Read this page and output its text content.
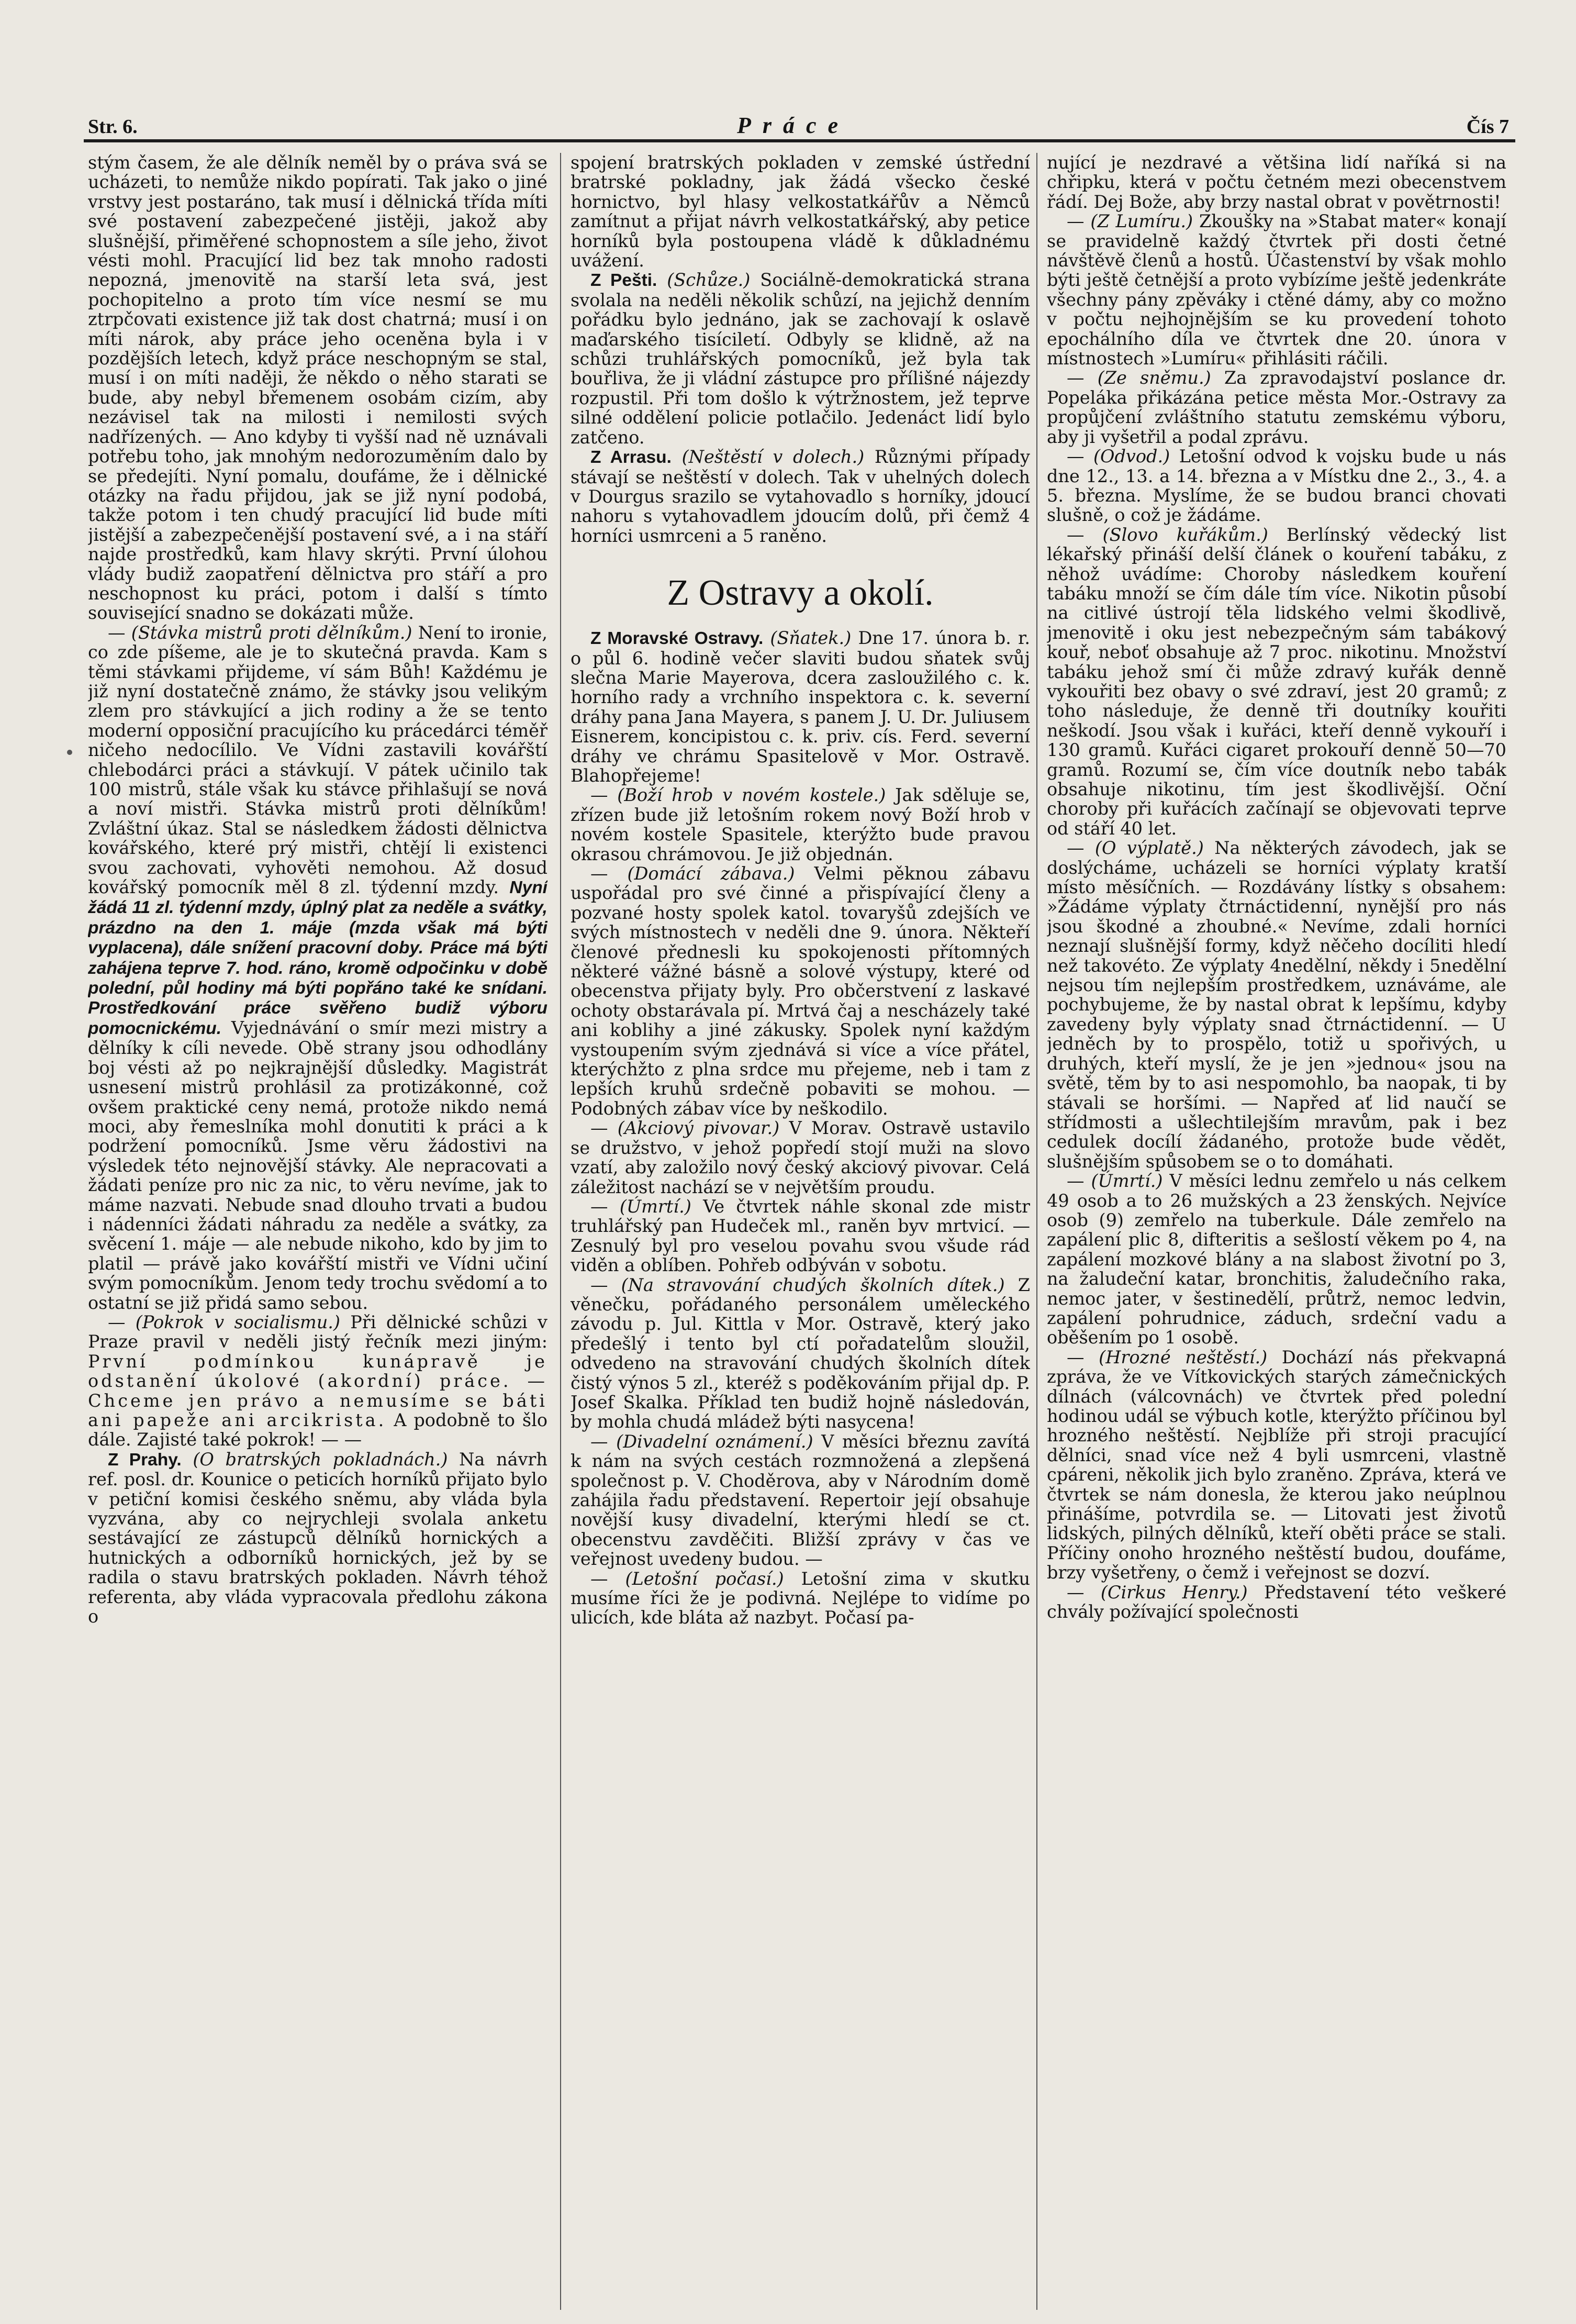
Str. 6.	Práce	Čís 7

stým časem, že ale dělník neměl by o práva svá se ucházeti, to nemůže nikdo popírati. Tak jako o jiné vrstvy jest postaráno, tak musí i dělnická třída míti své postavení zabezpečené jistěji, jakož aby slušnější, přiměřené schopnostem a síle jeho, život vésti mohl. Pracující lid bez tak mnoho radosti nepozná, jmenovitě na starší leta svá, jest pochopitelno a proto tím více nesmí se mu ztrpčovati existence již tak dost chatrná; musí i on míti nárok, aby práce jeho oceněna byla i v pozdějších letech, když práce neschopným se stal, musí i on míti naději, že někdo o něho starati se bude, aby nebyl břemenem osobám cizím, aby nezávisel tak na milosti i nemilosti svých nadřízených. — Ano kdyby ti vyšší nad ně uznávali potřebu toho, jak mnohým nedorozuměním dalo by se předejíti. Nyní pomalu, doufáme, že i dělnické otázky na řadu přijdou, jak se již nyní podobá, takže potom i ten chudý pracující lid bude míti jistější a zabezpečenější postavení své, a i na stáří najde prostředků, kam hlavy skrýti. První úlohou vlády budiž zaopatření dělnictva pro stáří a pro neschopnost ku práci, potom i další s tímto související snadno se dokázati může.

— (Stávka mistrů proti dělníkům.) Není to ironie, co zde píšeme, ale je to skutečná pravda. Kam s těmi stávkami přijdeme, ví sám Bůh! Každému je již nyní dostatečně známo, že stávky jsou velikým zlem pro stávkující a jich rodiny a že se tento moderní opposiční pracujícího ku prácedárci téměř ničeho nedocílilo. Ve Vídni zastavili kovářští chlebodárci práci a stávkují. V pátek učinilo tak 100 mistrů, stále však ku stávce přihlašují se nová a noví mistři. Stávka mistrů proti dělníkům! Zvláštní úkaz. Stal se následkem žádosti dělnictva kovářského, které prý mistři, chtějí li existenci svou zachovati, vyhověti nemohou. Až dosud kovářský pomocník měl 8 zl. týdenní mzdy. Nyní žádá 11 zl. týdenní mzdy, úplný plat za neděle a svátky, prázdno na den 1. máje (mzda však má býti vyplacena), dále snížení pracovní doby. Práce má býti zahájena teprve 7. hod. ráno, kromě odpočinku v době polední, půl hodiny má býti popřáno také ke snídani. Prostředkování práce svěřeno budiž výboru pomocnickému. Vyjednávání o smír mezi mistry a dělníky k cíli nevede. Obě strany jsou odhodlány boj vésti až po nejkrajnější důsledky. Magistrát usnesení mistrů prohlásil za protizákonné, což ovšem praktické ceny nemá, protože nikdo nemá moci, aby řemeslníka mohl donutiti k práci a k podržení pomocníků. Jsme věru žádostivi na výsledek této nejnovější stávky. Ale nepracovati a žádati peníze pro nic za nic, to věru nevíme, jak to máme nazvati. Nebude snad dlouho trvati a budou i nádenníci žádati náhradu za neděle a svátky, za svěcení 1. máje — ale nebude nikoho, kdo by jim to platil — právě jako kovářští mistři ve Vídni učiní svým pomocníkům. Jenom tedy trochu svědomí a to ostatní se již přidá samo sebou.

— (Pokrok v socialismu.) Při dělnické schůzi v Praze pravil v neděli jistý řečník mezi jiným: První podmínkou kunápravě je odstanění úkolové (akordní) práce. — Chceme jen právo a nemusíme se báti ani papeže ani arcikrista. A podobně to šlo dále. Zajisté také pokrok! — —

Z Prahy. (O bratrských pokladnách.) Na návrh ref. posl. dr. Kounice o peticích horníků přijato bylo v petiční komisi českého sněmu, aby vláda byla vyzvána, aby co nejrychleji svolala anketu sestávající ze zástupců dělníků hornických a hutnických a odborníků hornických, jež by se radila o stavu bratrských pokladen. Návrh téhož referenta, aby vláda vypracovala předlohu zákona o

spojení bratrských pokladen v zemské ústřední bratrské pokladny, jak žádá všecko české hornictvo, byl hlasy velkostatkářův a Němců zamítnut a přijat návrh velkostatkářský, aby petice horníků byla postoupena vládě k důkladnému uvážení.

Z Pešti. (Schůze.) Sociálně-demokratická strana svolala na neděli několik schůzí, na jejichž denním pořádku bylo jednáno, jak se zachovají k oslavě maďarského tisíciletí. Odbyly se klidně, až na schůzi truhlářských pomocníků, jež byla tak bouřliva, že ji vládní zástupce pro přílišné nájezdy rozpustil. Při tom došlo k výtržnostem, jež teprve silné oddělení policie potlačilo. Jedenáct lidí bylo zatčeno.

Z Arrasu. (Neštěstí v dolech.) Různými případy stávají se neštěstí v dolech. Tak v uhelných dolech v Dourgus srazilo se vytahovadlo s horníky, jdoucí nahoru s vytahovadlem jdoucím dolů, při čemž 4 horníci usmrceni a 5 raněno.

Z Ostravy a okolí.

Z Moravské Ostravy. (Sňatek.) Dne 17. února b. r. o půl 6. hodině večer slaviti budou sňatek svůj slečna Marie Mayerova, dcera zasloužilého c. k. horního rady a vrchního inspektora c. k. severní dráhy pana Jana Mayera, s panem J. U. Dr. Juliusem Eisnerem, koncipistou c. k. priv. cís. Ferd. severní dráhy ve chrámu Spasitelově v Mor. Ostravě. Blahopřejeme!

— (Boží hrob v novém kostele.) Jak sděluje se, zřízen bude již letošním rokem nový Boží hrob v novém kostele Spasitele, kterýžto bude pravou okrasou chrámovou. Je již objednán.

— (Domácí zábava.) Velmi pěknou zábavu uspořádal pro své činné a přispívající členy a pozvané hosty spolek katol. tovaryšů zdejších ve svých místnostech v neděli dne 9. února. Někteří členové přednesli ku spokojenosti přítomných některé vážné básně a solové výstupy, které od obecenstva přijaty byly. Pro občerstvení z laskavé ochoty obstarávala pí. Mrtvá čaj a nescházely také ani koblihy a jiné zákusky. Spolek nyní každým vystoupením svým zjednává si více a více přátel, kterýchžto z plna srdce mu přejeme, neb i tam z lepších kruhů srdečně pobaviti se mohou. — Podobných zábav více by neškodilo.

— (Akciový pivovar.) V Morav. Ostravě ustavilo se družstvo, v jehož popředí stojí muži na slovo vzatí, aby založilo nový český akciový pivovar. Celá záležitost nachází se v největším proudu.

— (Úmrtí.) Ve čtvrtek náhle skonal zde mistr truhlářský pan Hudeček ml., raněn byv mrtvicí. — Zesnulý byl pro veselou povahu svou všude rád viděn a oblíben. Pohřeb odbýván v sobotu.

— (Na stravování chudých školních dítek.) Z věnečku, pořádaného personálem uměleckého závodu p. Jul. Kittla v Mor. Ostravě, který jako předešlý i tento byl ctí pořadatelům sloužil, odvedeno na stravování chudých školních dítek čistý výnos 5 zl., kteréž s poděkováním přijal dp. P. Josef Skalka. Příklad ten budiž hojně následován, by mohla chudá mládež býti nasycena!

— (Divadelní oznámení.) V měsíci březnu zavítá k nám na svých cestách rozmnožená a zlepšená společnost p. V. Choděrova, aby v Národním domě zahájila řadu představení. Repertoir její obsahuje novější kusy divadelní, kterými hledí se ct. obecenstvu zavděčiti. Bližší zprávy v čas ve veřejnost uvedeny budou. —

— (Letošní počasí.) Letošní zima v skutku musíme říci že je podivná. Nejlépe to vidíme po ulicích, kde bláta až nazbyt. Počasí pa-

nující je nezdravé a většina lidí naříká si na chřipku, která v počtu četném mezi obecenstvem řádí. Dej Bože, aby brzy nastal obrat v povětrnosti!

— (Z Lumíru.) Zkoušky na »Stabat mater« konají se pravidelně každý čtvrtek při dosti četné návštěvě členů a hostů. Účastenství by však mohlo býti ještě četnější a proto vybízíme ještě jedenkráte všechny pány zpěváky i ctěné dámy, aby co možno v počtu nejhojnějším se ku provedení tohoto epochálního díla ve čtvrtek dne 20. února v místnostech »Lumíru« přihlásiti ráčili.

— (Ze sněmu.) Za zpravodajství poslance dr. Popeláka přikázána petice města Mor.-Ostravy za propůjčení zvláštního statutu zemskému výboru, aby ji vyšetřil a podal zprávu.

— (Odvod.) Letošní odvod k vojsku bude u nás dne 12., 13. a 14. března a v Místku dne 2., 3., 4. a 5. března. Myslíme, že se budou branci chovati slušně, o což je žádáme.

— (Slovo kuřákům.) Berlínský vědecký list lékařský přináší delší článek o kouření tabáku, z něhož uvádíme: Choroby následkem kouření tabáku množí se čím dále tím více. Nikotin působí na citlivé ústrojí těla lidského velmi škodlivě, jmenovitě i oku jest nebezpečným sám tabákový kouř, neboť obsahuje až 7 proc. nikotinu. Množství tabáku jehož smí či může zdravý kuřák denně vykouřiti bez obavy o své zdraví, jest 20 gramů; z toho následuje, že denně tři doutníky kouřiti neškodí. Jsou však i kuřáci, kteří denně vykouří i 130 gramů. Kuřáci cigaret prokouří denně 50—70 gramů. Rozumí se, čím více doutník nebo tabák obsahuje nikotinu, tím jest škodlivější. Oční choroby při kuřácích začínají se objevovati teprve od stáří 40 let.

— (O výplatě.) Na některých závodech, jak se doslýcháme, ucházeli se horníci výplaty kratší místo měsíčních. — Rozdávány lístky s obsahem: »Žádáme výplaty čtrnáctidenní, nynější pro nás jsou škodné a zhoubné.« Nevíme, zdali horníci neznají slušnější formy, když něčeho docíliti hledí než takovéto. Ze výplaty 4nedělní, někdy i 5nedělní nejsou tím nejlepším prostředkem, uznáváme, ale pochybujeme, že by nastal obrat k lepšímu, kdyby zavedeny byly výplaty snad čtrnáctidenní. — U jedněch by to prospělo, totiž u spořivých, u druhých, kteří myslí, že je jen »jednou« jsou na světě, těm by to asi nespomohlo, ba naopak, ti by stávali se horšími. — Napřed ať lid naučí se střídmosti a ušlechtilejším mravům, pak i bez cedulek docílí žádaného, protože bude vědět, slušnějším spůsobem se o to domáhati.

— (Úmrtí.) V měsíci lednu zemřelo u nás celkem 49 osob a to 26 mužských a 23 ženských. Nejvíce osob (9) zemřelo na tuberkule. Dále zemřelo na zapálení plic 8, difteritis a sešlostí věkem po 4, na zapálení mozkové blány a na slabost životní po 3, na žaludeční katar, bronchitis, žaludečního raka, nemoc jater, v šestinedělí, průtrž, nemoc ledvin, zapálení pohrudnice, záduch, srdeční vadu a oběšením po 1 osobě.

— (Hrozné neštěstí.) Dochází nás překvapná zpráva, že ve Vítkovických starých zámečnických dílnách (válcovnách) ve čtvrtek před polední hodinou udál se výbuch kotle, kterýžto příčinou byl hrozného neštěstí. Nejblíže při stroji pracující dělníci, snad více než 4 byli usmrceni, vlastně cpáreni, několik jich bylo zraněno. Zpráva, která ve čtvrtek se nám donesla, že kterou jako neúplnou přinášíme, potvrdila se. — Litovati jest životů lidských, pilných dělníků, kteří oběti práce se stali. Příčiny onoho hrozného neštěstí budou, doufáme, brzy vyšetřeny, o čemž i veřejnost se dozví.

— (Cirkus Henry.) Představení této veškeré chvály požívající společnosti
